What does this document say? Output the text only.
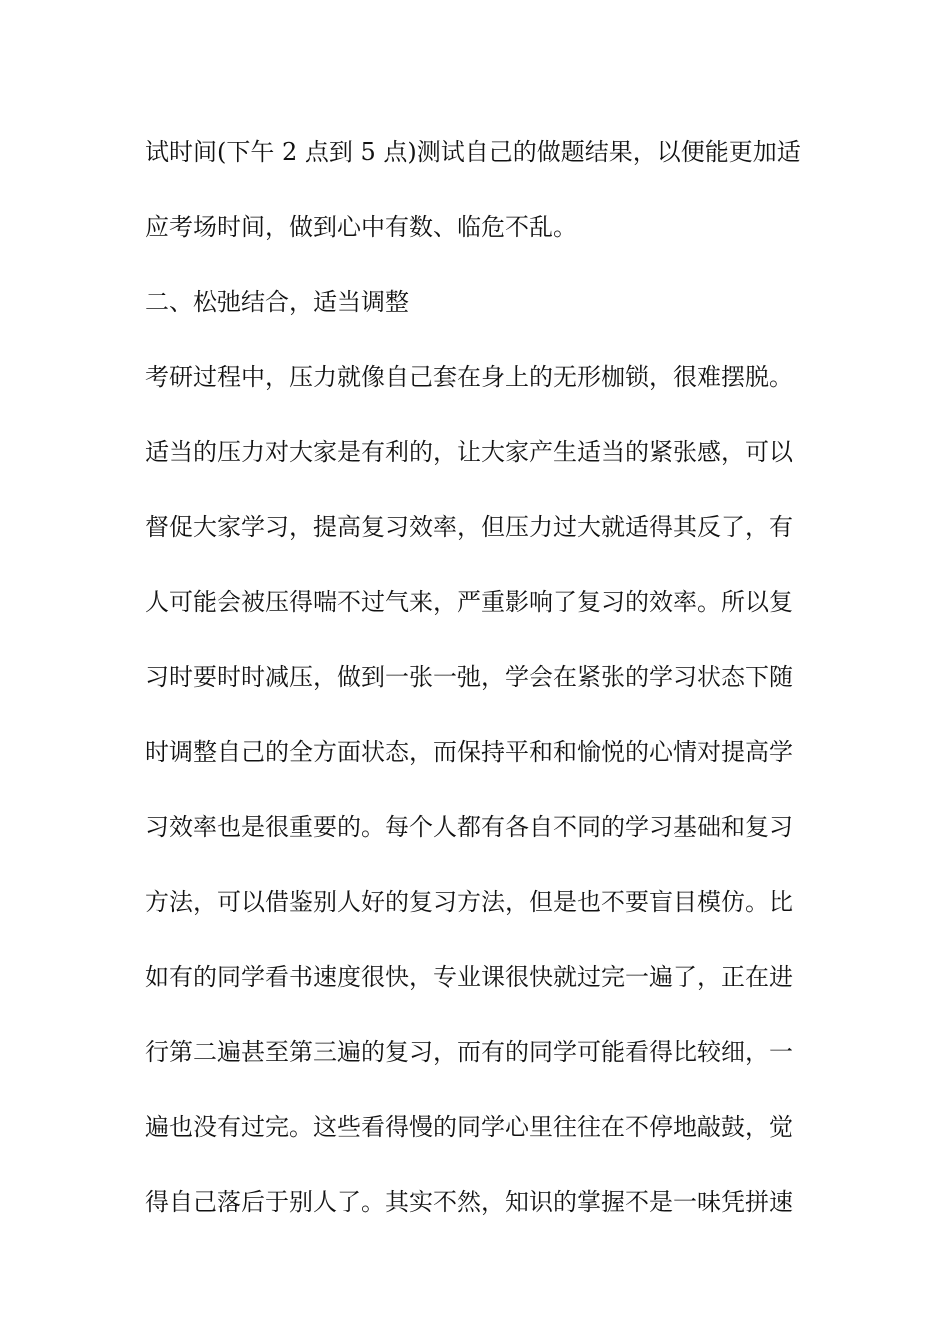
试时间(下午 2 点到 5 点)测试自己的做题结果，以便能更加适
应考场时间，做到心中有数、临危不乱。
二、松弛结合，适当调整
考研过程中，压力就像自己套在身上的无形枷锁，很难摆脱。
适当的压力对大家是有利的，让大家产生适当的紧张感，可以
督促大家学习，提高复习效率，但压力过大就适得其反了，有
人可能会被压得喘不过气来，严重影响了复习的效率。所以复
习时要时时减压，做到一张一弛，学会在紧张的学习状态下随
时调整自己的全方面状态，而保持平和和愉悦的心情对提高学
习效率也是很重要的。每个人都有各自不同的学习基础和复习
方法，可以借鉴别人好的复习方法，但是也不要盲目模仿。比
如有的同学看书速度很快，专业课很快就过完一遍了，正在进
行第二遍甚至第三遍的复习，而有的同学可能看得比较细，一
遍也没有过完。这些看得慢的同学心里往往在不停地敲鼓，觉
得自己落后于别人了。其实不然，知识的掌握不是一味凭拼速
